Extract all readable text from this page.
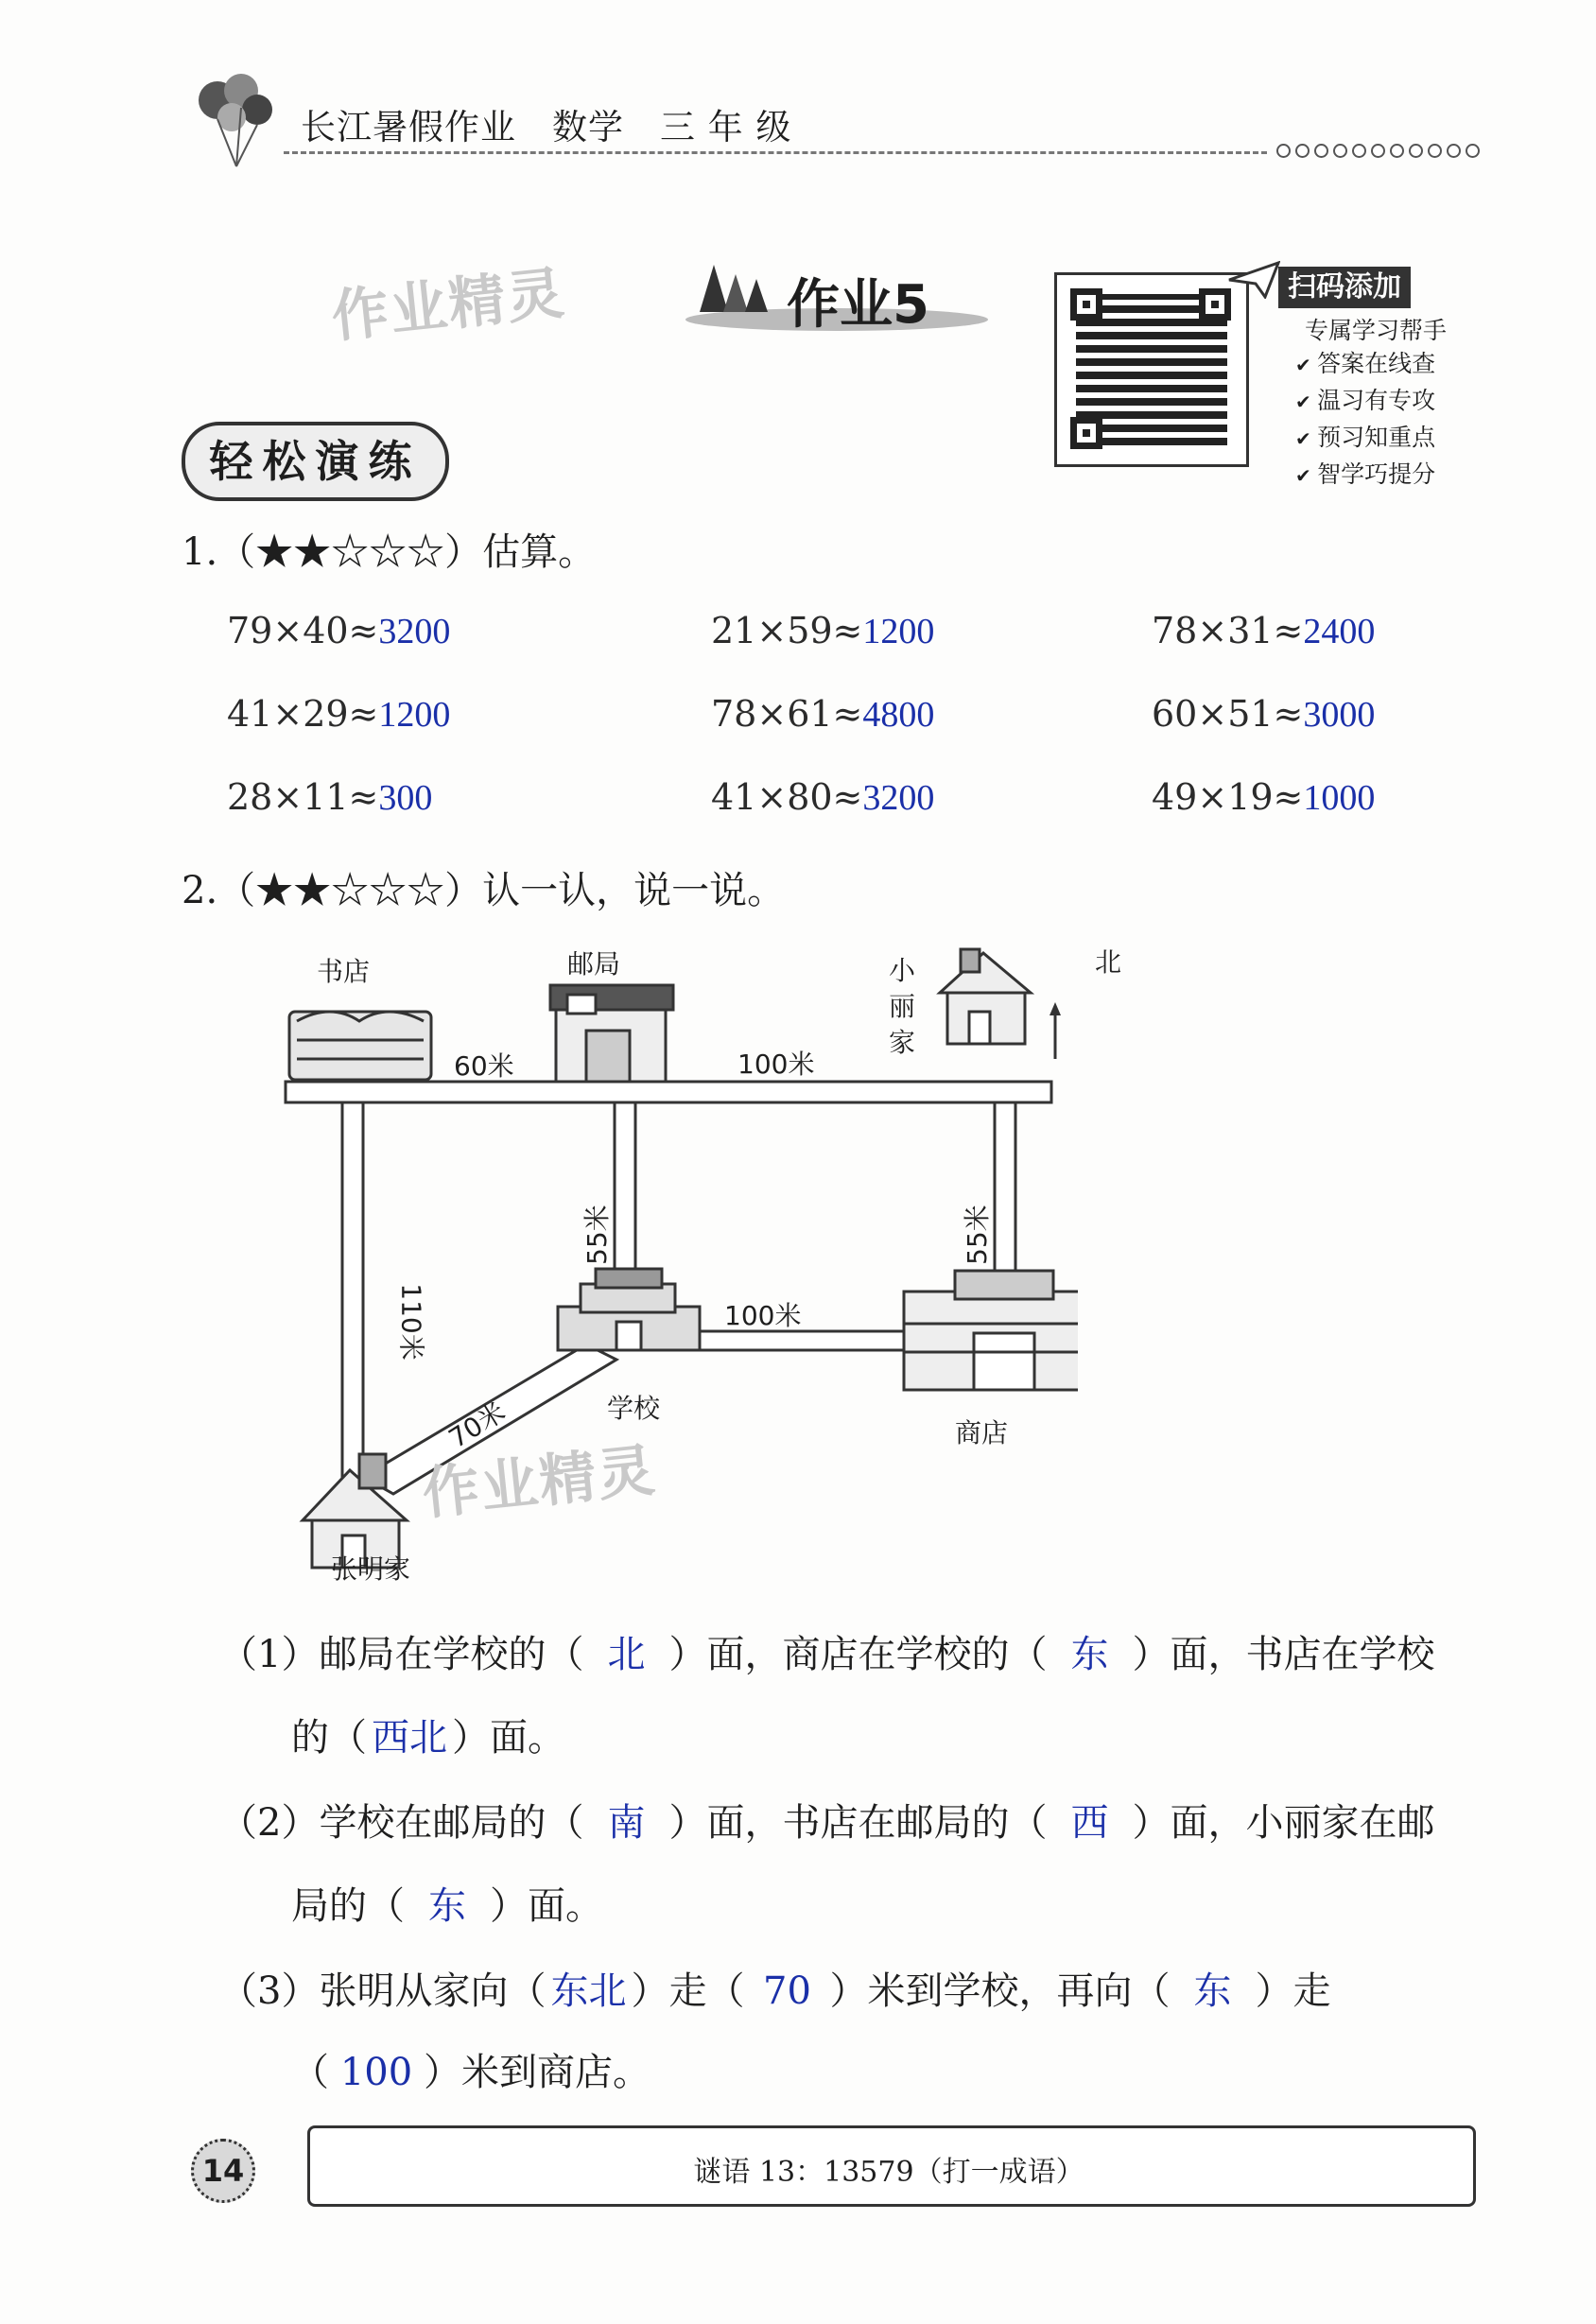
长江暑假作业　数学　三 年 级
作业5
作业精灵	扫码添加
专属学习帮手
✔ 答案在线查
✔ 温习有专攻
✔ 预习知重点
✔ 智学巧提分
轻松演练
1.（★★☆☆☆）估算。
79×40≈3200	21×59≈1200	78×31≈2400
41×29≈1200	78×61≈4800	60×51≈3000
28×11≈300	41×80≈3200	49×19≈1000
2.（★★☆☆☆）认一认，说一说。
书店	邮局	小丽家
北
60米	100米
55米	55米
100米
110米
70米	学校
商店
张明家
作业精灵
（1）邮局在学校的（ 北 ）面，商店在学校的（ 东 ）面，书店在学校
的（ 西北 ）面。
（2）学校在邮局的（ 南 ）面，书店在邮局的（ 西 ）面，小丽家在邮
局的（ 东 ）面。
（3）张明从家向（ 东北 ）走（ 70 ）米到学校，再向（ 东 ）走
（ 100 ）米到商店。
14	谜语 13：13579（打一成语）
